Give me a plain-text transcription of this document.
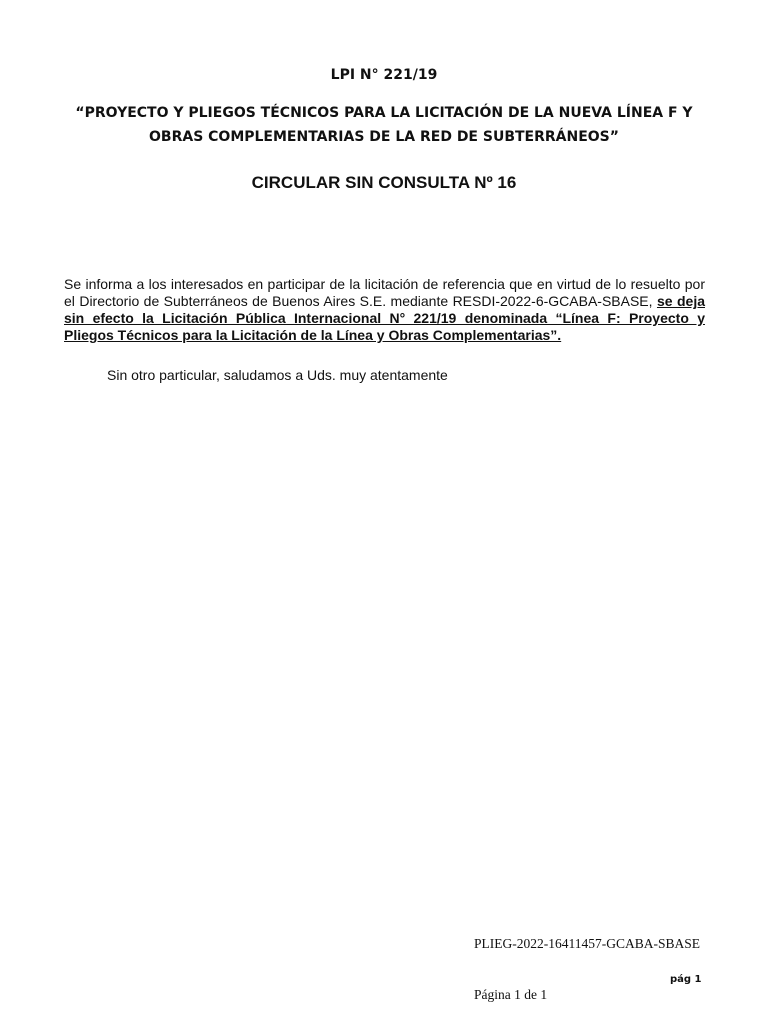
LPI N° 221/19
“PROYECTO Y PLIEGOS TÉCNICOS PARA LA LICITACIÓN DE LA NUEVA LÍNEA F Y OBRAS COMPLEMENTARIAS DE LA RED DE SUBTERRÁNEOS”
CIRCULAR SIN CONSULTA Nº 16

Se informa a los interesados en participar de la licitación de referencia que en virtud de lo resuelto por el Directorio de Subterráneos de Buenos Aires S.E. mediante RESDI-2022-6-GCABA-SBASE, se deja sin efecto la Licitación Pública Internacional N° 221/19 denominada “Línea F: Proyecto y Pliegos Técnicos para la Licitación de la Línea y Obras Complementarias”.

Sin otro particular, saludamos a Uds. muy atentamente
PLIEG-2022-16411457-GCABA-SBASE
pág 1
Página 1 de 1
